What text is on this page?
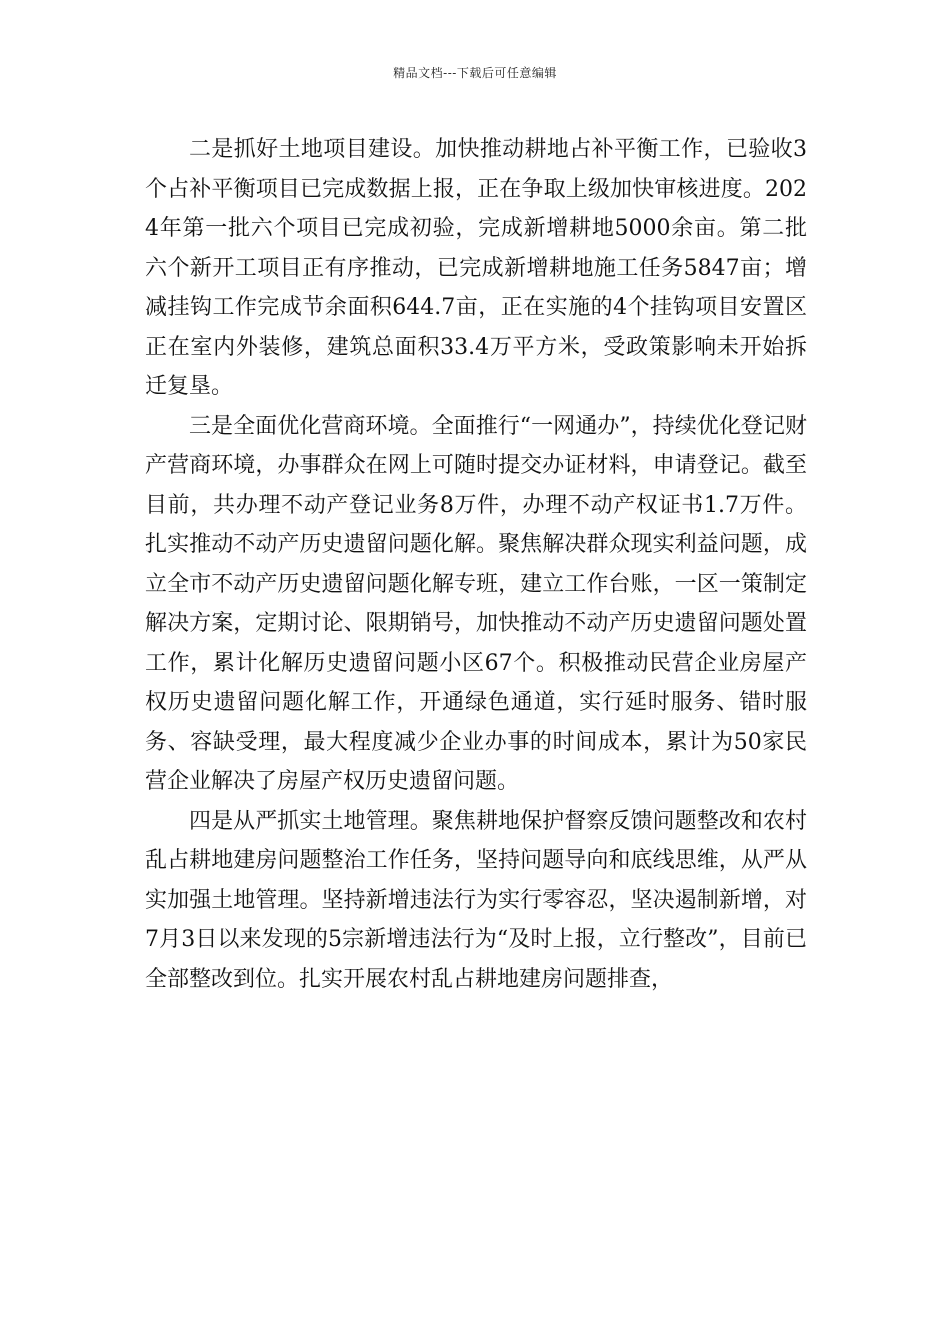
精品文档---下载后可任意编辑

二是抓好土地项目建设。加快推动耕地占补平衡工作，已验收3个占补平衡项目已完成数据上报，正在争取上级加快审核进度。2024年第一批六个项目已完成初验，完成新增耕地5000余亩。第二批六个新开工项目正有序推动，已完成新增耕地施工任务5847亩；增减挂钩工作完成节余面积644.7亩，正在实施的4个挂钩项目安置区正在室内外装修，建筑总面积33.4万平方米，受政策影响未开始拆迁复垦。

三是全面优化营商环境。全面推行“一网通办”，持续优化登记财产营商环境，办事群众在网上可随时提交办证材料，申请登记。截至目前，共办理不动产登记业务8万件，办理不动产权证书1.7万件。扎实推动不动产历史遗留问题化解。聚焦解决群众现实利益问题，成立全市不动产历史遗留问题化解专班，建立工作台账，一区一策制定解决方案，定期讨论、限期销号，加快推动不动产历史遗留问题处置工作，累计化解历史遗留问题小区67个。积极推动民营企业房屋产权历史遗留问题化解工作，开通绿色通道，实行延时服务、错时服务、容缺受理，最大程度减少企业办事的时间成本，累计为50家民营企业解决了房屋产权历史遗留问题。

四是从严抓实土地管理。聚焦耕地保护督察反馈问题整改和农村乱占耕地建房问题整治工作任务，坚持问题导向和底线思维，从严从实加强土地管理。坚持新增违法行为实行零容忍，坚决遏制新增，对7月3日以来发现的5宗新增违法行为“及时上报，立行整改”，目前已全部整改到位。扎实开展农村乱占耕地建房问题排查，
